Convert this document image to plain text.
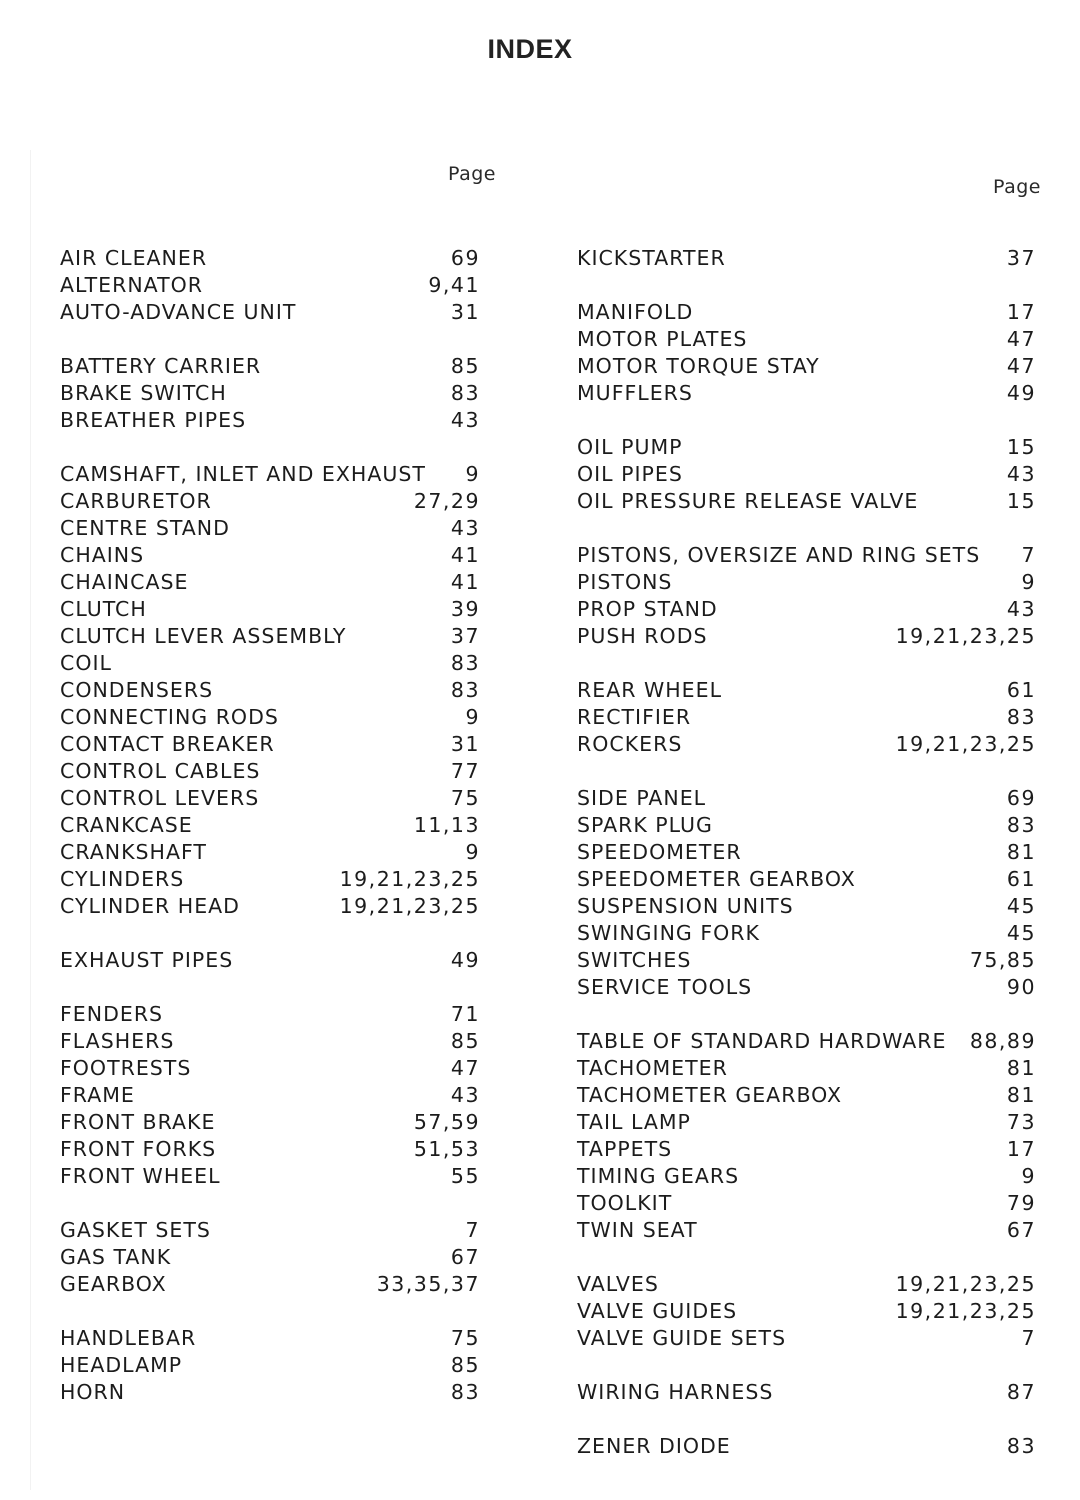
INDEX
Page
Page
AIR CLEANER	69
ALTERNATOR	9,41
AUTO-ADVANCE UNIT	31
BATTERY CARRIER	85
BRAKE SWITCH	83
BREATHER PIPES	43
CAMSHAFT, INLET AND EXHAUST 9
CARBURETOR	27,29
CENTRE STAND	43
CHAINS	41
CHAINCASE	41
CLUTCH	39
CLUTCH LEVER ASSEMBLY	37
COIL	83
CONDENSERS	83
CONNECTING RODS	9
CONTACT BREAKER	31
CONTROL CABLES	77
CONTROL LEVERS	75
CRANKCASE	11,13
CRANKSHAFT	9
CYLINDERS	19,21,23,25
CYLINDER HEAD	19,21,23,25
EXHAUST PIPES	49
FENDERS	71
FLASHERS	85
FOOTRESTS	47
FRAME	43
FRONT BRAKE	57,59
FRONT FORKS	51,53
FRONT WHEEL	55
GASKET SETS	7
GAS TANK	67
GEARBOX	33,35,37
HANDLEBAR	75
HEADLAMP	85
HORN	83
KICKSTARTER	37
MANIFOLD	17
MOTOR PLATES	47
MOTOR TORQUE STAY	47
MUFFLERS	49
OIL PUMP	15
OIL PIPES	43
OIL PRESSURE RELEASE VALVE	15
PISTONS, OVERSIZE AND RING SETS 7
PISTONS	9
PROP STAND	43
PUSH RODS	19,21,23,25
REAR WHEEL	61
RECTIFIER	83
ROCKERS	19,21,23,25
SIDE PANEL	69
SPARK PLUG	83
SPEEDOMETER	81
SPEEDOMETER GEARBOX	61
SUSPENSION UNITS	45
SWINGING FORK	45
SWITCHES	75,85
SERVICE TOOLS	90
TABLE OF STANDARD HARDWARE 88,89
TACHOMETER	81
TACHOMETER GEARBOX	81
TAIL LAMP	73
TAPPETS	17
TIMING GEARS	9
TOOLKIT	79
TWIN SEAT	67
VALVES	19,21,23,25
VALVE GUIDES	19,21,23,25
VALVE GUIDE SETS	7
WIRING HARNESS	87
ZENER DIODE	83
